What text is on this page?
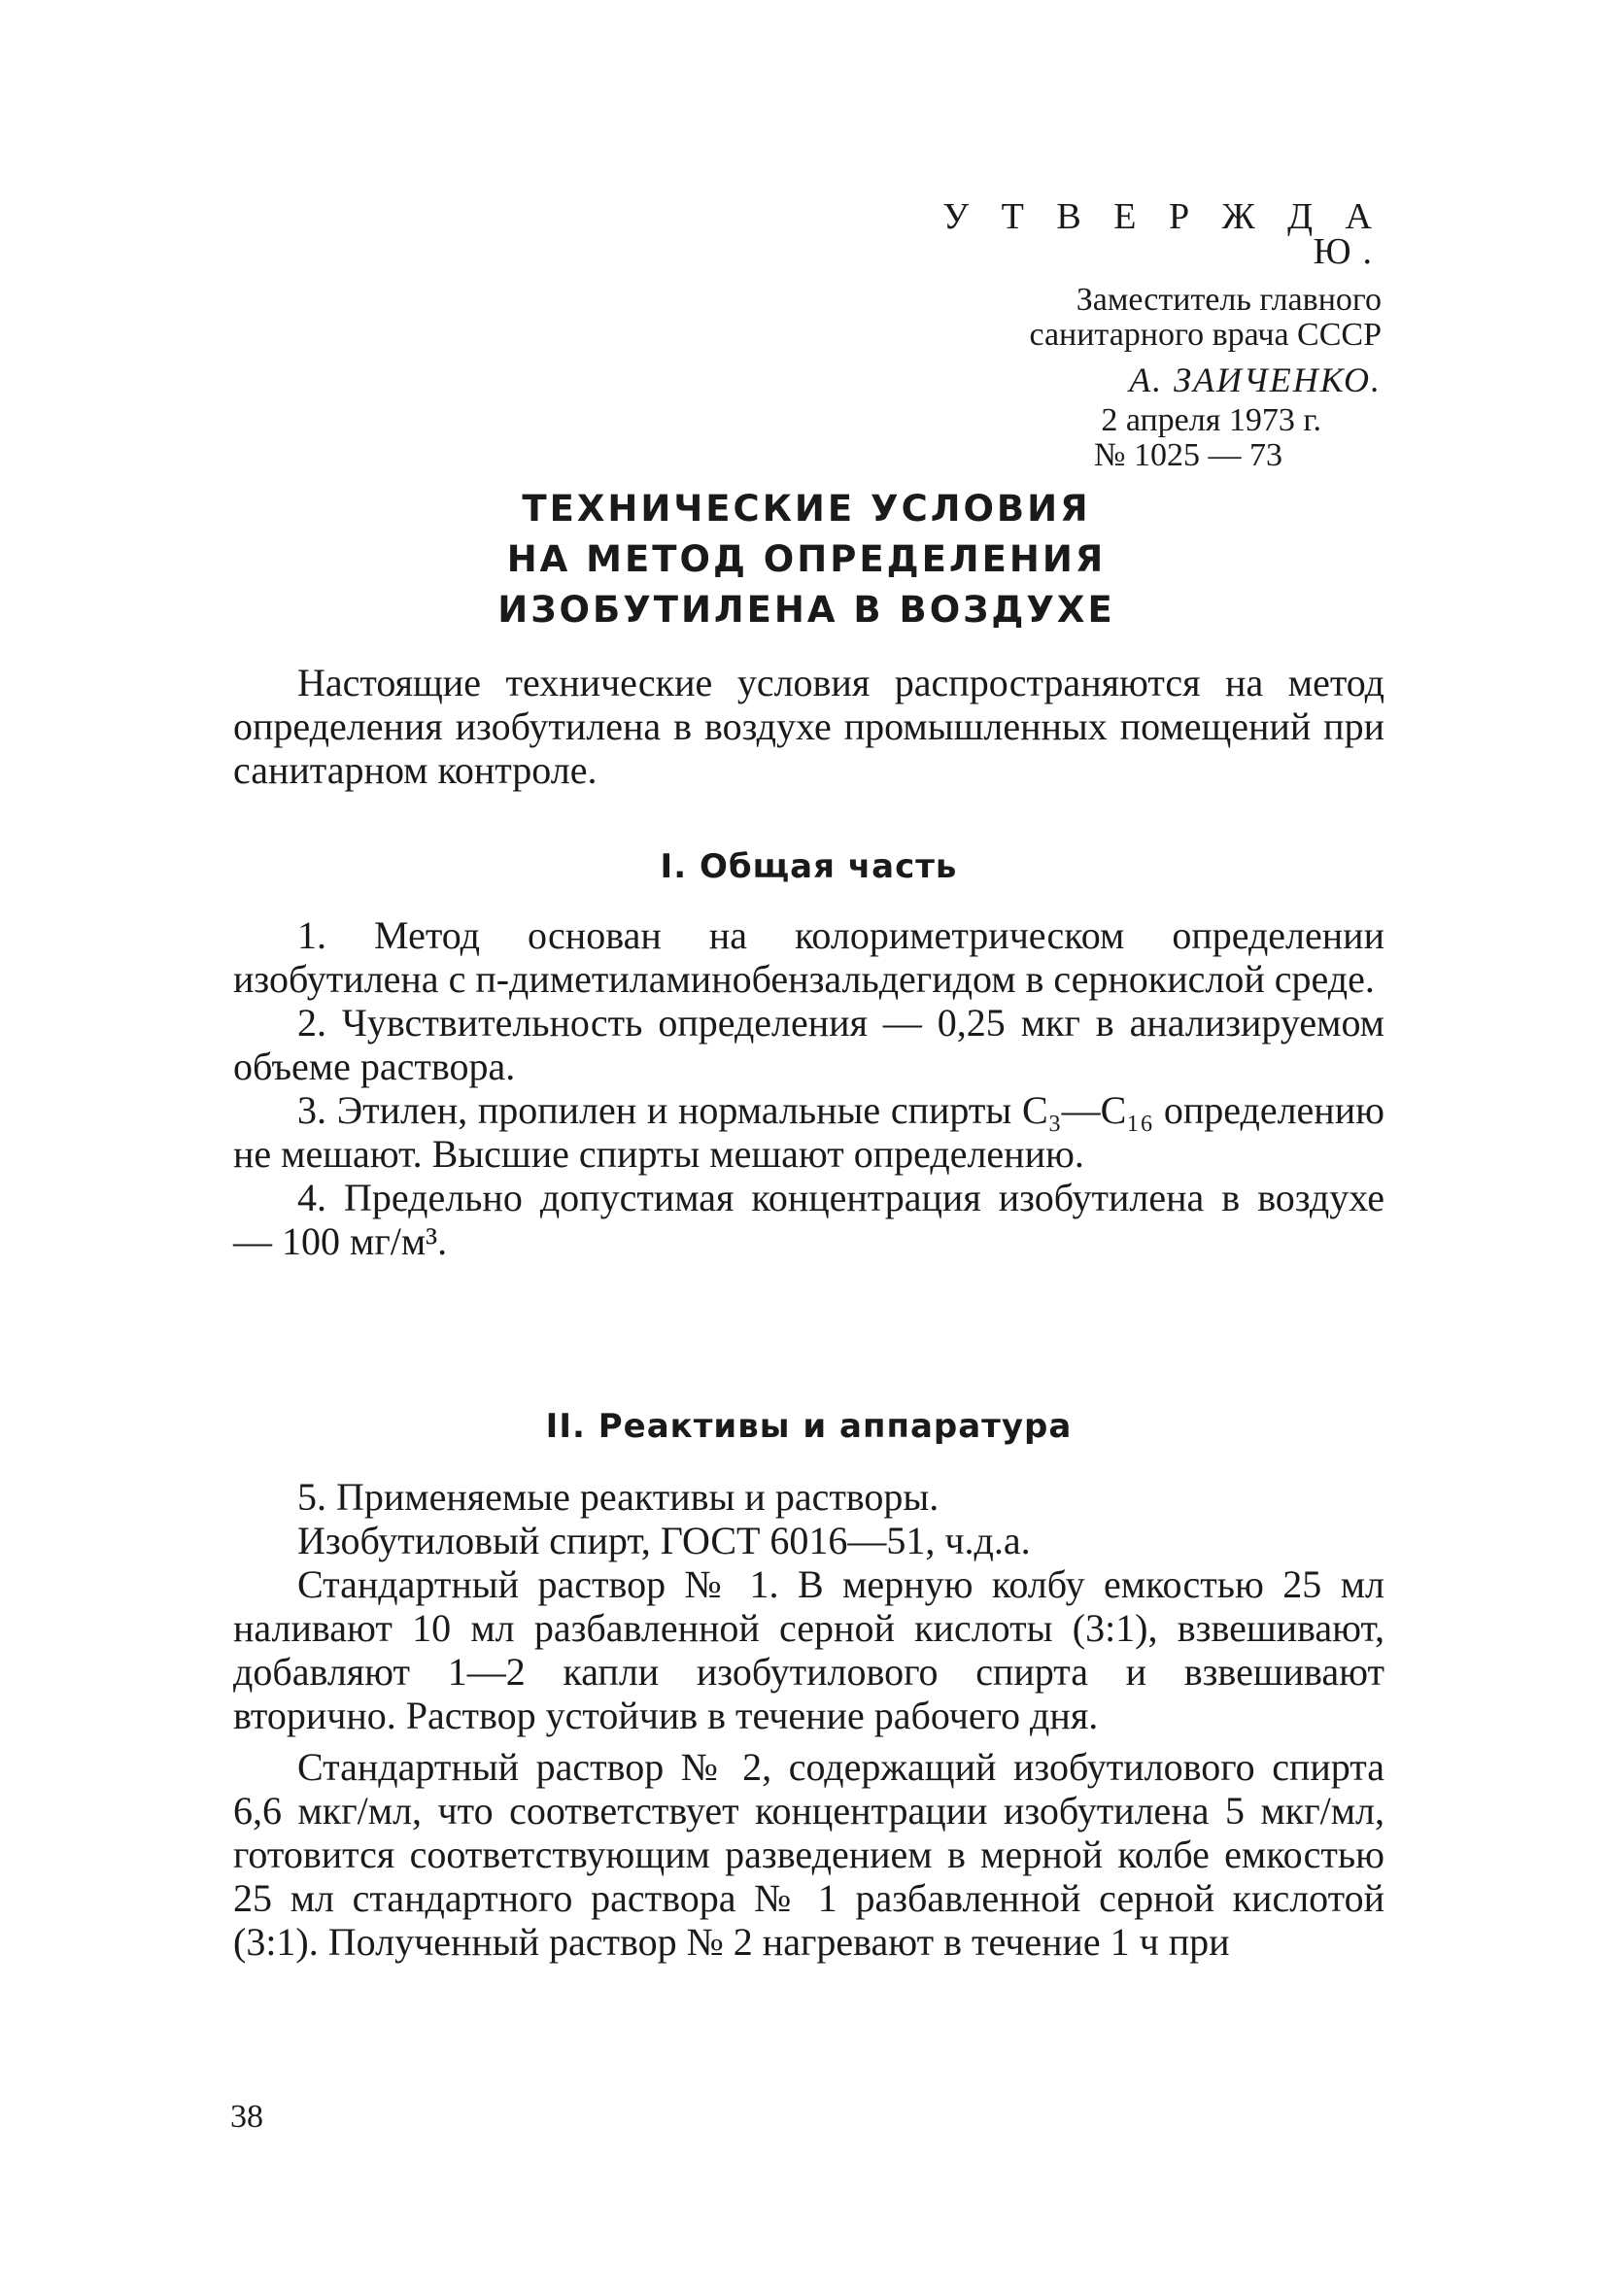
У Т В Е Р Ж Д А Ю.
Заместитель главного
санитарного врача СССР
А. ЗАИЧЕНКО.
2 апреля 1973 г.
№ 1025 — 73
ТЕХНИЧЕСКИЕ УСЛОВИЯ
НА МЕТОД ОПРЕДЕЛЕНИЯ
ИЗОБУТИЛЕНА В ВОЗДУХЕ

Настоящие технические условия распространяются на метод определения изобутилена в воздухе промышленных помещений при санитарном контроле.

I. Общая часть

1. Метод основан на колориметрическом определении изобутилена с п-диметиламинобензальдегидом в сернокислой среде.

2. Чувствительность определения — 0,25 мкг в анализируемом объеме раствора.

3. Этилен, пропилен и нормальные спирты C₃—C₁₆ определению не мешают. Высшие спирты мешают определению.

4. Предельно допустимая концентрация изобутилена в воздухе — 100 мг/м³.

II. Реактивы и аппаратура

5. Применяемые реактивы и растворы.

Изобутиловый спирт, ГОСТ 6016—51, ч.д.а.

Стандартный раствор № 1. В мерную колбу емкостью 25 мл наливают 10 мл разбавленной серной кислоты (3:1), взвешивают, добавляют 1—2 капли изобутилового спирта и взвешивают вторично. Раствор устойчив в течение рабочего дня.

Стандартный раствор № 2, содержащий изобутилового спирта 6,6 мкг/мл, что соответствует концентрации изобутилена 5 мкг/мл, готовится соответствующим разведением в мерной колбе емкостью 25 мл стандартного раствора № 1 разбавленной серной кислотой (3:1). Полученный раствор № 2 нагревают в течение 1 ч при

38
